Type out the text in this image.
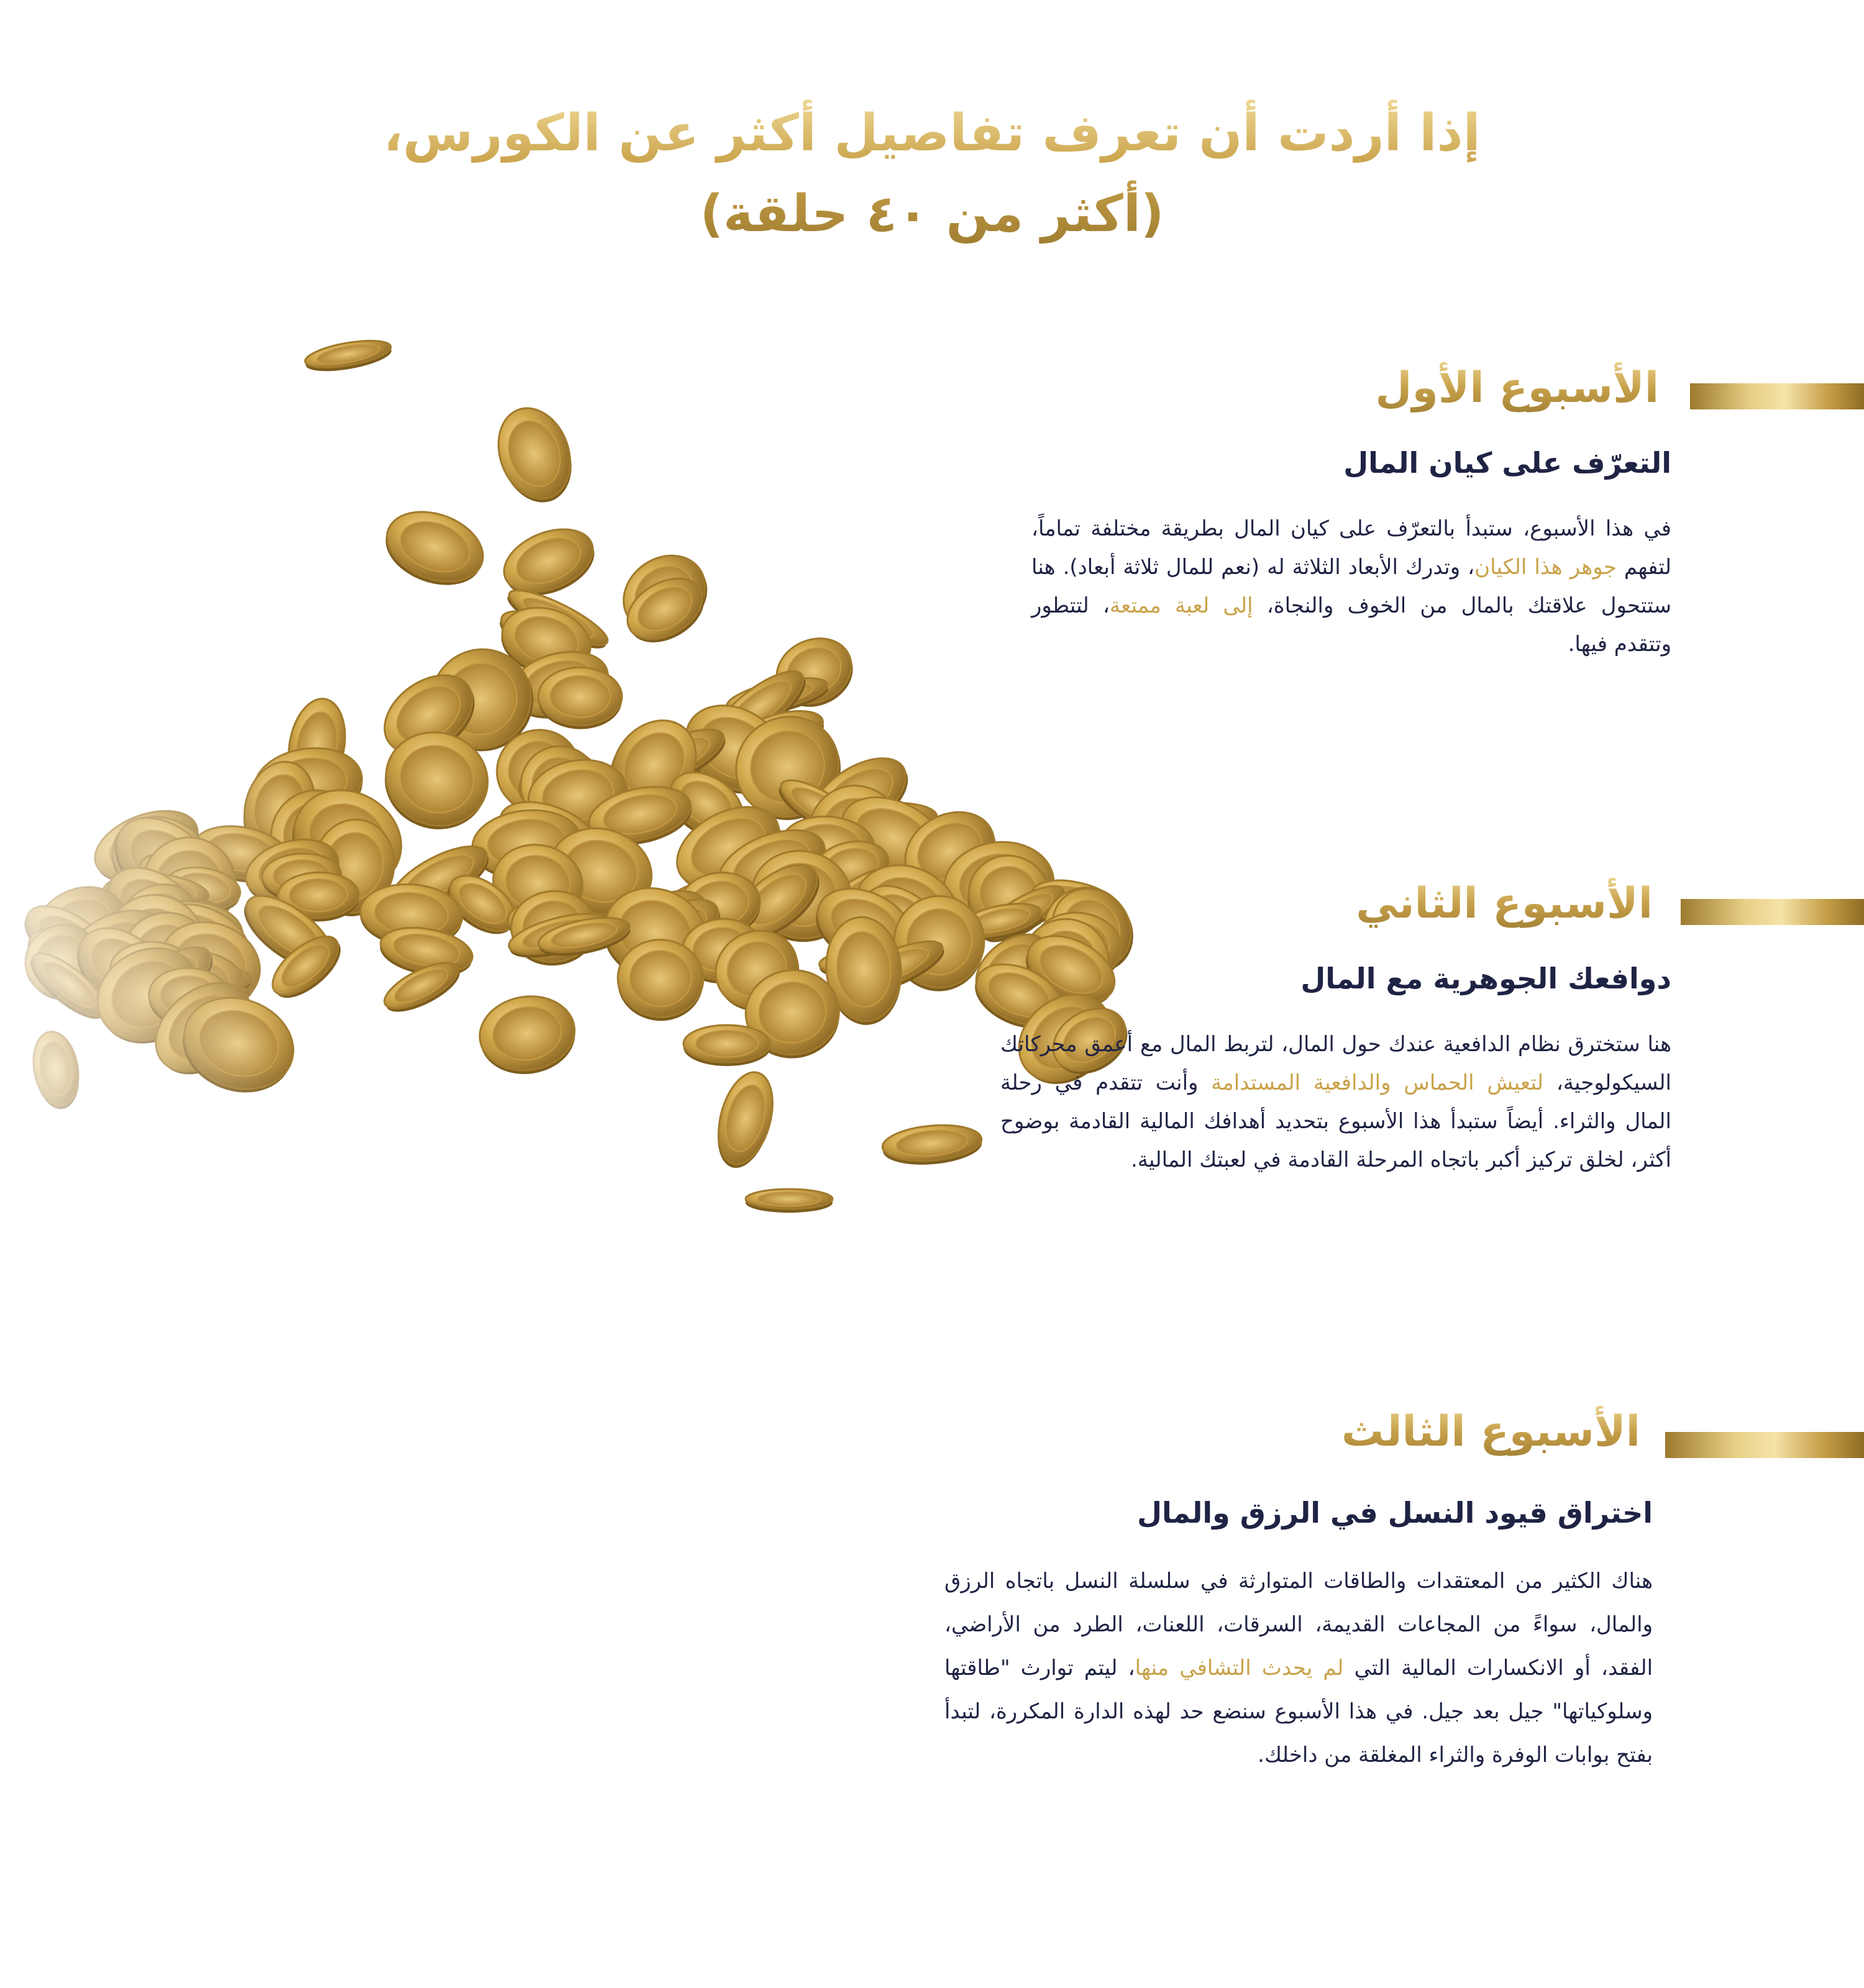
إذا أردت أن تعرف تفاصيل أكثر عن الكورس،
(أكثر من ٤٠ حلقة)
الأسبوع الأول
التعرّف على كيان المال
في هذا الأسبوع، ستبدأ بالتعرّف على كيان المال بطريقة مختلفة تماماً، لتفهم جوهر هذا الكيان، وتدرك الأبعاد الثلاثة له (نعم للمال ثلاثة أبعاد). هنا ستتحول علاقتك بالمال من الخوف والنجاة، إلى لعبة ممتعة، لتتطور وتتقدم فيها.
الأسبوع الثاني
دوافعك الجوهرية مع المال
هنا ستخترق نظام الدافعية عندك حول المال، لتربط المال مع أعمق محركاتك السيكولوجية، لتعيش الحماس والدافعية المستدامة وأنت تتقدم في رحلة المال والثراء. أيضاً ستبدأ هذا الأسبوع بتحديد أهدافك المالية القادمة بوضوح أكثر، لخلق تركيز أكبر باتجاه المرحلة القادمة في لعبتك المالية.
الأسبوع الثالث
اختراق قيود النسل في الرزق والمال
هناك الكثير من المعتقدات والطاقات المتوارثة في سلسلة النسل باتجاه الرزق والمال، سواءً من المجاعات القديمة، السرقات، اللعنات، الطرد من الأراضي، الفقد، أو الانكسارات المالية التي لم يحدث التشافي منها، ليتم توارث "طاقتها وسلوكياتها" جيل بعد جيل. في هذا الأسبوع سنضع حد لهذه الدارة المكررة، لتبدأ بفتح بوابات الوفرة والثراء المغلقة من داخلك.
